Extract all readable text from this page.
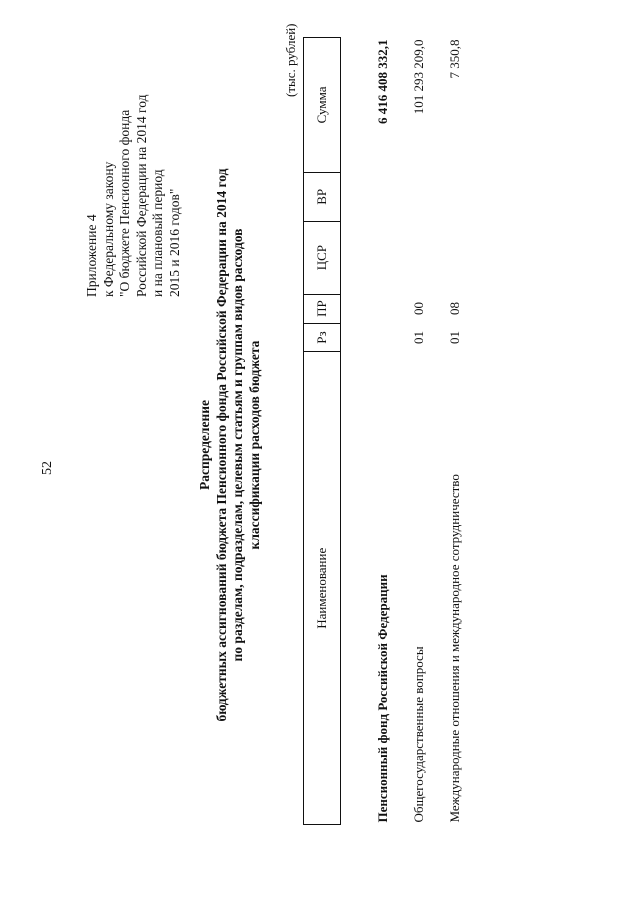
52
Приложение 4 к Федеральному закону "О бюджете Пенсионного фонда Российской Федерации на 2014 год и на плановый период 2015 и 2016 годов"
Распределение бюджетных ассигнований бюджета Пенсионного фонда Российской Федерации на 2014 год по разделам, подразделам, целевым статьям и группам видов расходов классификации расходов бюджета
(тыс. рублей)
Наименование	Рз	ПР	ЦСР	ВР	Сумма
Пенсионный фонд Российской Федерации					6 416 408 332,1
Общегосударственные вопросы	01	00			101 293 209,0
Международные отношения и международное сотрудничество	01	08			7 350,8
